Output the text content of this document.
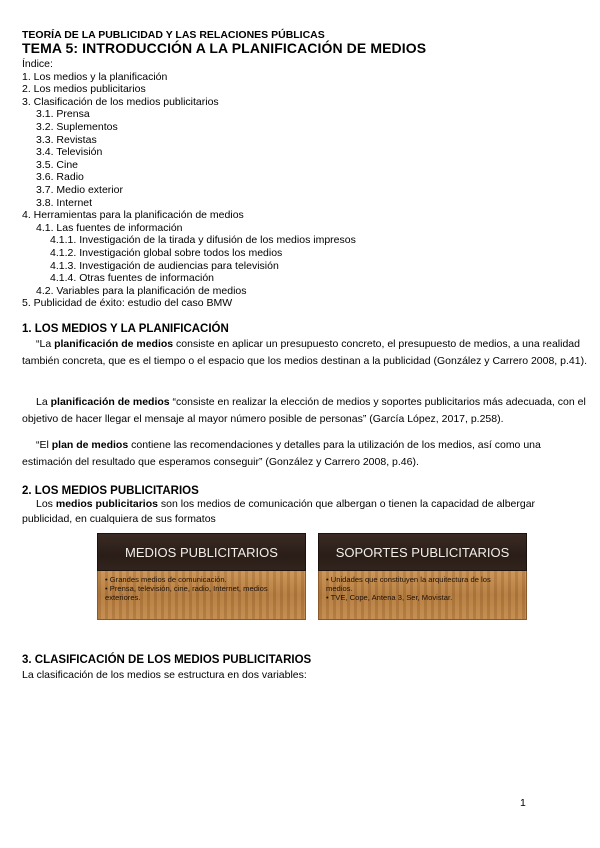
TEORÍA DE LA PUBLICIDAD Y LAS RELACIONES PÚBLICAS
TEMA 5: INTRODUCCIÓN A LA PLANIFICACIÓN DE MEDIOS
Índice:
1. Los medios y la planificación
2. Los medios publicitarios
3. Clasificación de los medios publicitarios
3.1. Prensa
3.2. Suplementos
3.3. Revistas
3.4. Televisión
3.5. Cine
3.6. Radio
3.7. Medio exterior
3.8. Internet
4. Herramientas para la planificación de medios
4.1. Las fuentes de información
4.1.1. Investigación de la tirada y difusión de los medios impresos
4.1.2. Investigación global sobre todos los medios
4.1.3. Investigación de audiencias para televisión
4.1.4. Otras fuentes de información
4.2. Variables para la planificación de medios
5. Publicidad de éxito: estudio del caso BMW
1. LOS MEDIOS Y LA PLANIFICACIÓN
“La planificación de medios consiste en aplicar un presupuesto concreto, el presupuesto de medios, a una realidad también concreta, que es el tiempo o el espacio que los medios destinan a la publicidad (González y Carrero 2008, p.41).
La planificación de medios “consiste en realizar la elección de medios y soportes publicitarios más adecuada, con el objetivo de hacer llegar el mensaje al mayor número posible de personas” (García López, 2017, p.258).
“El plan de medios contiene las recomendaciones y detalles para la utilización de los medios, así como una estimación del resultado que esperamos conseguir” (González y Carrero 2008, p.46).
2. LOS MEDIOS PUBLICITARIOS
Los medios publicitarios son los medios de comunicación que albergan o tienen la capacidad de albergar publicidad, en cualquiera de sus formatos
MEDIOS PUBLICITARIOS
• Grandes medios de comunicación.
• Prensa, televisión, cine, radio, Internet, medios exteriores.
SOPORTES PUBLICITARIOS
• Unidades que constituyen la arquitectura de los medios.
• TVE, Cope, Antena 3, Ser, Movistar.
3. CLASIFICACIÓN DE LOS MEDIOS PUBLICITARIOS
La clasificación de los medios se estructura en dos variables:
1
